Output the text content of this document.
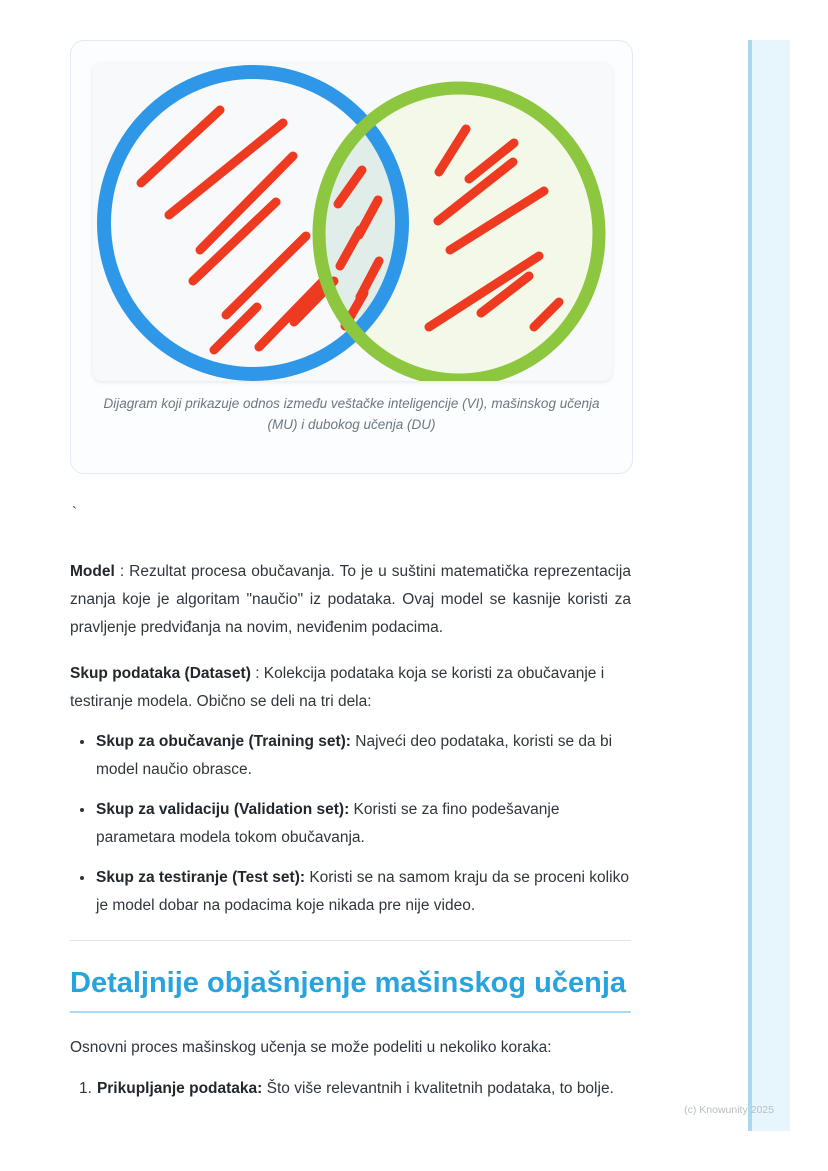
Dijagram koji prikazuje odnos između veštačke inteligencije (VI), mašinskog učenja (MU) i dubokog učenja (DU)
`

Model : Rezultat procesa obučavanja. To je u suštini matematička reprezentacija znanja koje je algoritam "naučio" iz podataka. Ovaj model se kasnije koristi za pravljenje predviđanja na novim, neviđenim podacima.

Skup podataka (Dataset) : Kolekcija podataka koja se koristi za obučavanje i testiranje modela. Obično se deli na tri dela:

• Skup za obučavanje (Training set): Najveći deo podataka, koristi se da bi model naučio obrasce.
• Skup za validaciju (Validation set): Koristi se za fino podešavanje parametara modela tokom obučavanja.
• Skup za testiranje (Test set): Koristi se na samom kraju da se proceni koliko je model dobar na podacima koje nikada pre nije video.
Detaljnije objašnjenje mašinskog učenja

Osnovni proces mašinskog učenja se može podeliti u nekoliko koraka:

1. Prikupljanje podataka: Što više relevantnih i kvalitetnih podataka, to bolje.
(c) Knowunity 2025
